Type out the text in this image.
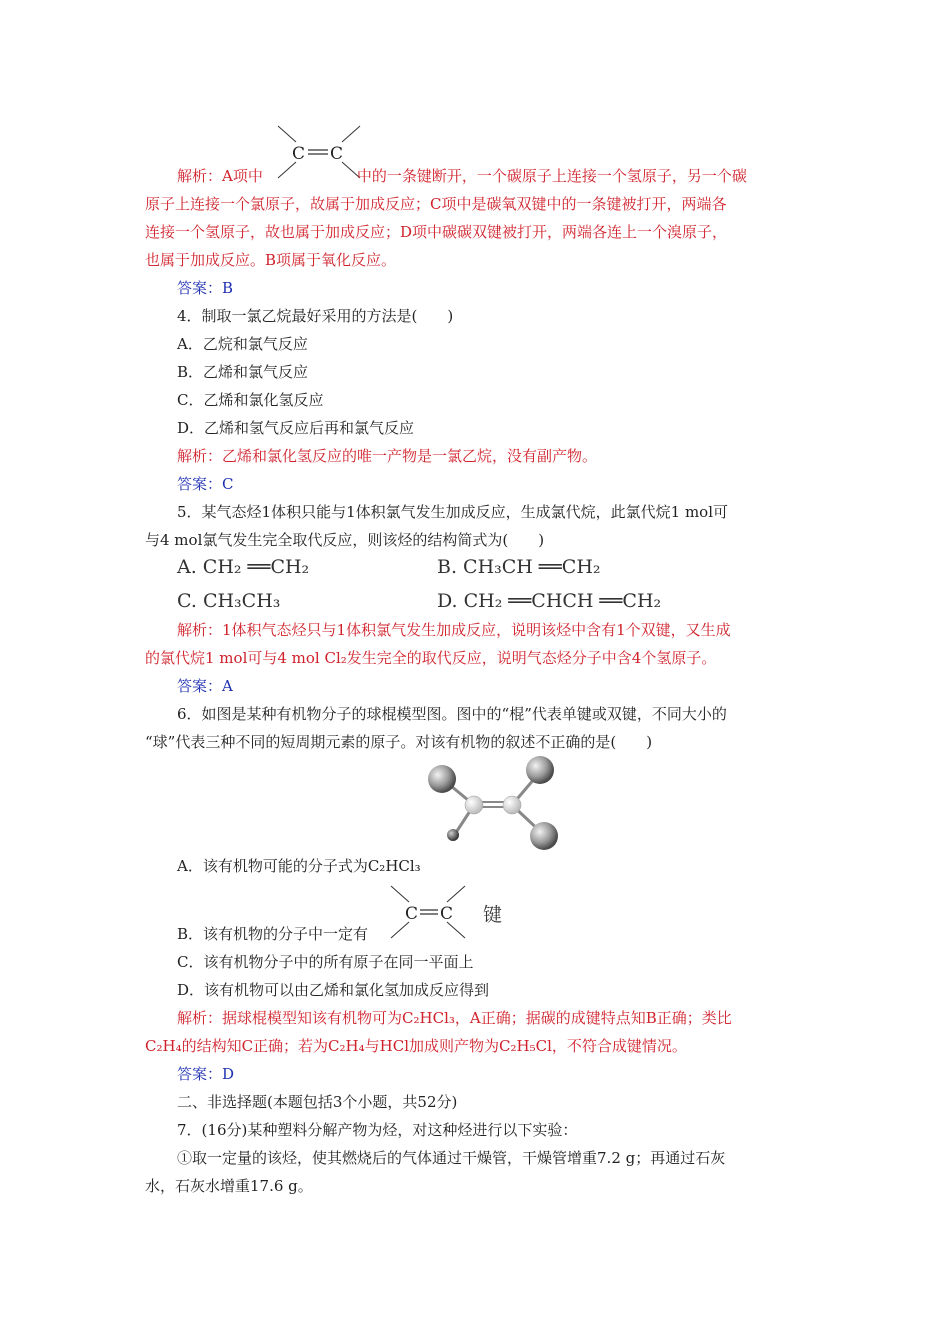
C C
解析：A项中	中的一条键断开，一个碳原子上连接一个氢原子，另一个碳
原子上连接一个氯原子，故属于加成反应；C项中是碳氧双键中的一条键被打开，两端各
连接一个氢原子，故也属于加成反应；D项中碳碳双键被打开，两端各连上一个溴原子，
也属于加成反应。B项属于氧化反应。
答案：B
4．制取一氯乙烷最好采用的方法是(　　)
A．乙烷和氯气反应
B．乙烯和氯气反应
C．乙烯和氯化氢反应
D．乙烯和氢气反应后再和氯气反应
解析：乙烯和氯化氢反应的唯一产物是一氯乙烷，没有副产物。
答案：C
5．某气态烃1体积只能与1体积氯气发生加成反应，生成氯代烷，此氯代烷1 mol可
与4 mol氯气发生完全取代反应，则该烃的结构简式为(　　)
A. CH₂ ══CH₂	B. CH₃CH ══CH₂
C. CH₃CH₃	D. CH₂ ══CHCH ══CH₂
解析：1体积气态烃只与1体积氯气发生加成反应，说明该烃中含有1个双键，又生成
的氯代烷1 mol可与4 mol Cl₂发生完全的取代反应，说明气态烃分子中含4个氢原子。
答案：A
6．如图是某种有机物分子的球棍模型图。图中的“棍”代表单键或双键，不同大小的
“球”代表三种不同的短周期元素的原子。对该有机物的叙述不正确的是(　　)
A．该有机物可能的分子式为C₂HCl₃
B．该有机物的分子中一定有
C．该有机物分子中的所有原子在同一平面上
D．该有机物可以由乙烯和氯化氢加成反应得到
解析：据球棍模型知该有机物可为C₂HCl₃，A正确；据碳的成键特点知B正确；类比
C₂H₄的结构知C正确；若为C₂H₄与HCl加成则产物为C₂H₅Cl，不符合成键情况。
答案：D
二、非选择题(本题包括3个小题，共52分)
7．(16分)某种塑料分解产物为烃，对这种烃进行以下实验：
①取一定量的该烃，使其燃烧后的气体通过干燥管，干燥管增重7.2 g；再通过石灰
水，石灰水增重17.6 g。
C C 键
